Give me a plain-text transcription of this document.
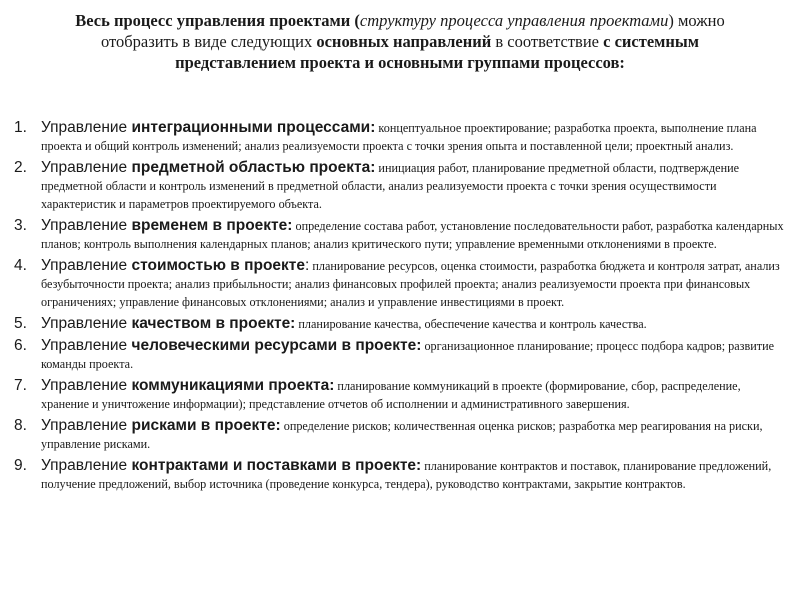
Весь процесс управления проектами (структуру процесса управления проектами) можно отобразить в виде следующих основных направлений в соответствие с системным представлением проекта и основными группами процессов:
1. Управление интеграционными процессами: концептуальное проектирование; разработка проекта, выполнение плана проекта и общий контроль изменений; анализ реализуемости проекта с точки зрения опыта и поставленной цели; проектный анализ.
2. Управление предметной областью проекта: инициация работ, планирование предметной области, подтверждение предметной области и контроль изменений в предметной области, анализ реализуемости проекта с точки зрения осуществимости характеристик и параметров проектируемого объекта.
3. Управление временем в проекте: определение состава работ, установление последовательности работ, разработка календарных планов; контроль выполнения календарных планов; анализ критического пути; управление временными отклонениями в проекте.
4. Управление стоимостью в проекте: планирование ресурсов, оценка стоимости, разработка бюджета и контроля затрат, анализ безубыточности проекта; анализ прибыльности; анализ финансовых профилей проекта; анализ реализуемости проекта при финансовых ограничениях; управление финансовых отклонениями; анализ и управление инвестициями в проект.
5. Управление качеством в проекте: планирование качества, обеспечение качества и контроль качества.
6. Управление человеческими ресурсами в проекте: организационное планирование; процесс подбора кадров; развитие команды проекта.
7. Управление коммуникациями проекта: планирование коммуникаций в проекте (формирование, сбор, распределение, хранение и уничтожение информации); представление отчетов об исполнении и административного завершения.
8. Управление рисками в проекте: определение рисков; количественная оценка рисков; разработка мер реагирования на риски, управление рисками.
9. Управление контрактами и поставками в проекте: планирование контрактов и поставок, планирование предложений, получение предложений, выбор источника (проведение конкурса, тендера), руководство контрактами, закрытие контрактов.
